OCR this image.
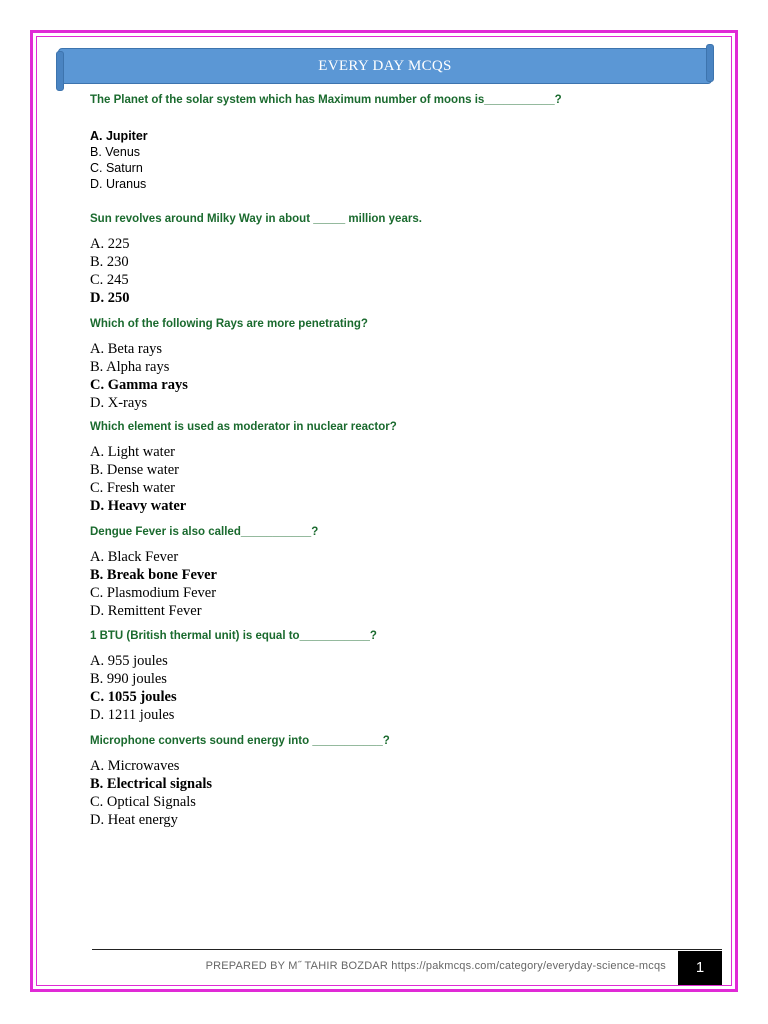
EVERY DAY MCQS

The Planet of the solar system which has Maximum number of moons is___________?

A. Jupiter
B. Venus
C. Saturn
D. Uranus

Sun revolves around Milky Way in about _____ million years.

A. 225
B. 230
C. 245
D. 250

Which of the following Rays are more penetrating?

A. Beta rays
B. Alpha rays
C. Gamma rays
D. X-rays

Which element is used as moderator in nuclear reactor?

A. Light water
B. Dense water
C. Fresh water
D. Heavy water

Dengue Fever is also called___________?

A. Black Fever
B. Break bone Fever
C. Plasmodium Fever
D. Remittent Fever

1 BTU (British thermal unit) is equal to___________?

A. 955 joules
B. 990 joules
C. 1055 joules
D. 1211 joules

Microphone converts sound energy into ___________?

A. Microwaves
B. Electrical signals
C. Optical Signals
D. Heat energy
PREPARED BY M˝ TAHIR BOZDAR https://pakmcqs.com/category/everyday-science-mcqs	1
